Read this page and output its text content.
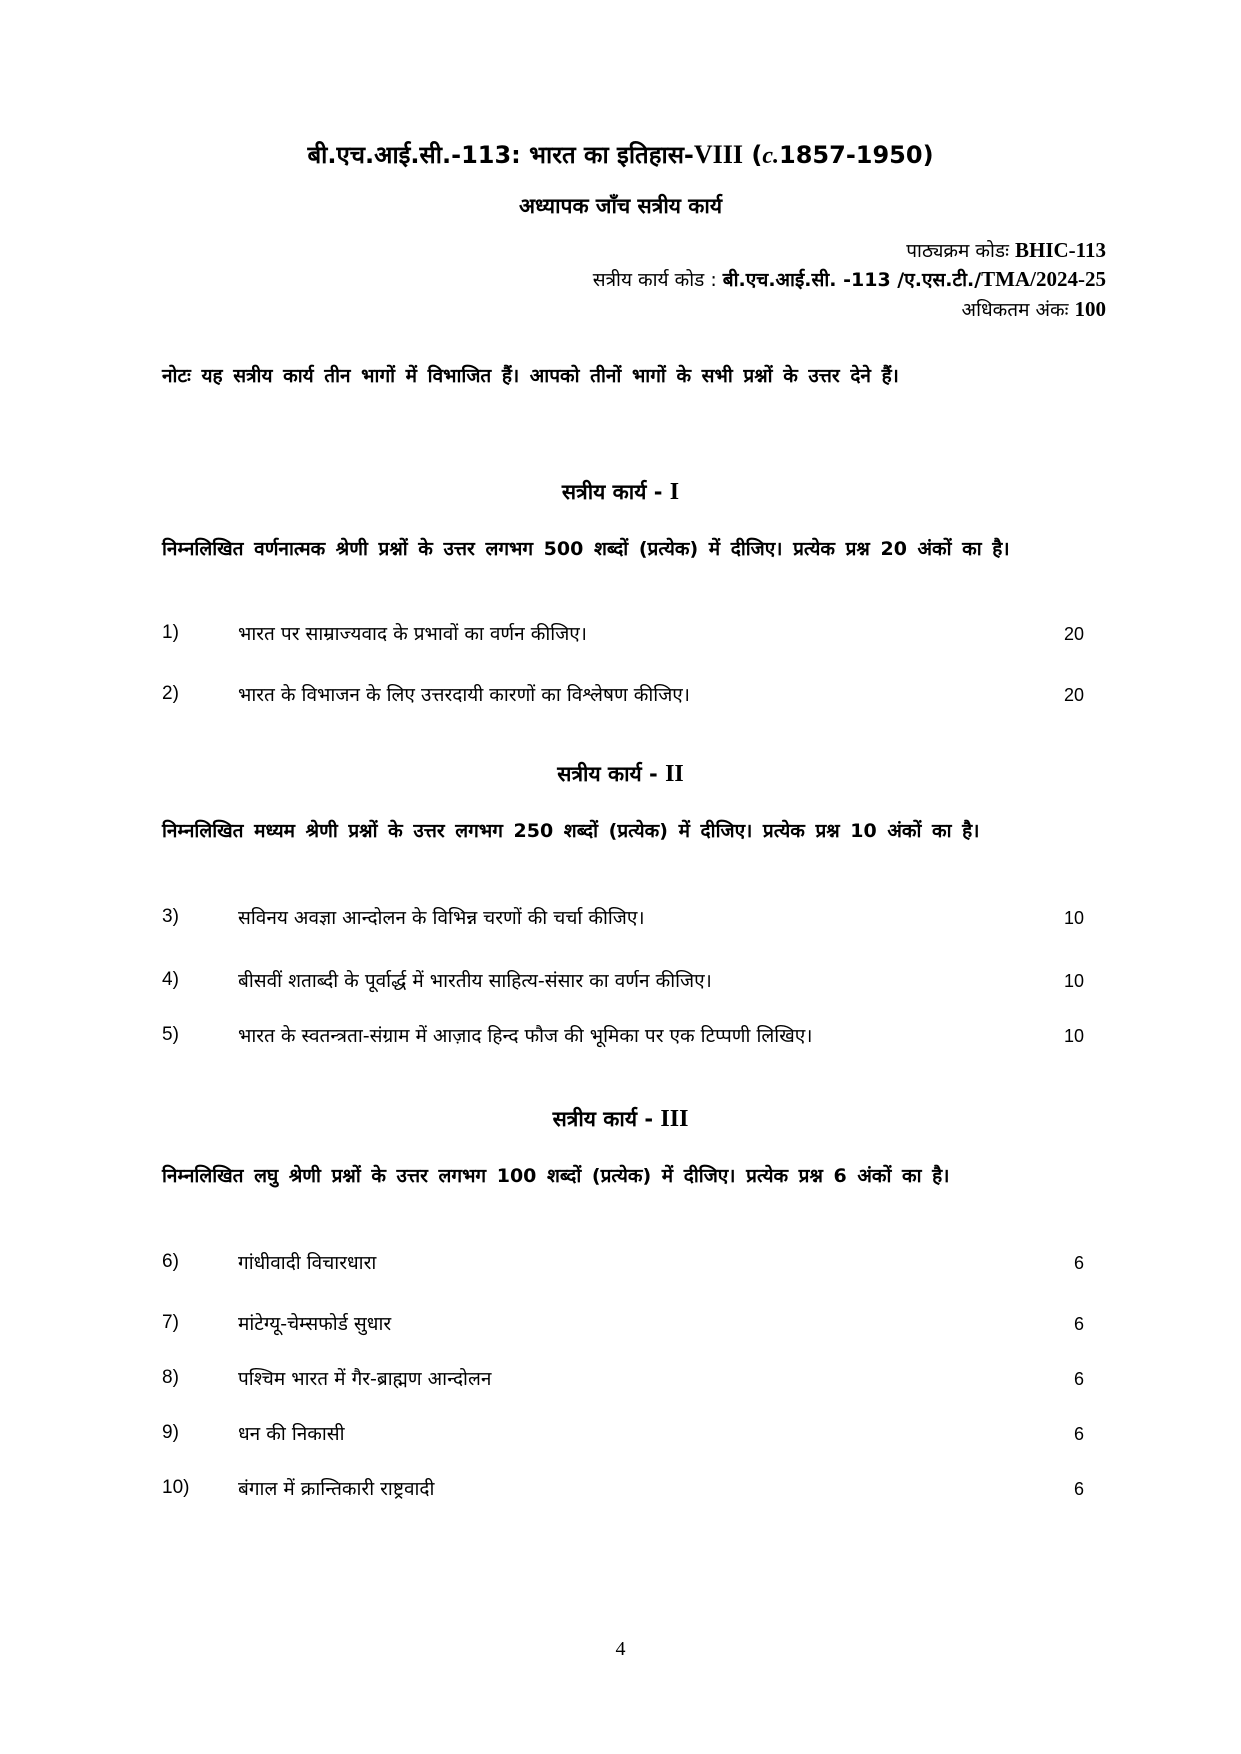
बी.एच.आई.सी.-113: भारत का इतिहास-VIII (c.1857-1950)
अध्यापक जाँच सत्रीय कार्य
पाठ्यक्रम कोडः BHIC-113
सत्रीय कार्य कोड : बी.एच.आई.सी. -113 /ए.एस.टी./TMA/2024-25
अधिकतम अंकः 100
नोटः यह सत्रीय कार्य तीन भागों में विभाजित हैं। आपको तीनों भागों के सभी प्रश्नों के उत्तर देने हैं।
सत्रीय कार्य - I
निम्नलिखित वर्णनात्मक श्रेणी प्रश्नों के उत्तर लगभग 500 शब्दों (प्रत्येक) में दीजिए। प्रत्येक प्रश्न 20 अंकों का है।
1)	भारत पर साम्राज्यवाद के प्रभावों का वर्णन कीजिए।	20
2)	भारत के विभाजन के लिए उत्तरदायी कारणों का विश्लेषण कीजिए।	20
सत्रीय कार्य - II
निम्नलिखित मध्यम श्रेणी प्रश्नों के उत्तर लगभग 250 शब्दों (प्रत्येक) में दीजिए। प्रत्येक प्रश्न 10 अंकों का है।
3)	सविनय अवज्ञा आन्दोलन के विभिन्न चरणों की चर्चा कीजिए।	10
4)	बीसवीं शताब्दी के पूर्वार्द्ध में भारतीय साहित्य-संसार का वर्णन कीजिए।	10
5)	भारत के स्वतन्त्रता-संग्राम में आज़ाद हिन्द फौज की भूमिका पर एक टिप्पणी लिखिए।	10
सत्रीय कार्य - III
निम्नलिखित लघु श्रेणी प्रश्नों के उत्तर लगभग 100 शब्दों (प्रत्येक) में दीजिए। प्रत्येक प्रश्न 6 अंकों का है।
6)	गांधीवादी विचारधारा	6
7)	मांटेग्यू-चेम्सफोर्ड सुधार	6
8)	पश्चिम भारत में गैर-ब्राह्मण आन्दोलन	6
9)	धन की निकासी	6
10)	बंगाल में क्रान्तिकारी राष्ट्रवादी	6
4
